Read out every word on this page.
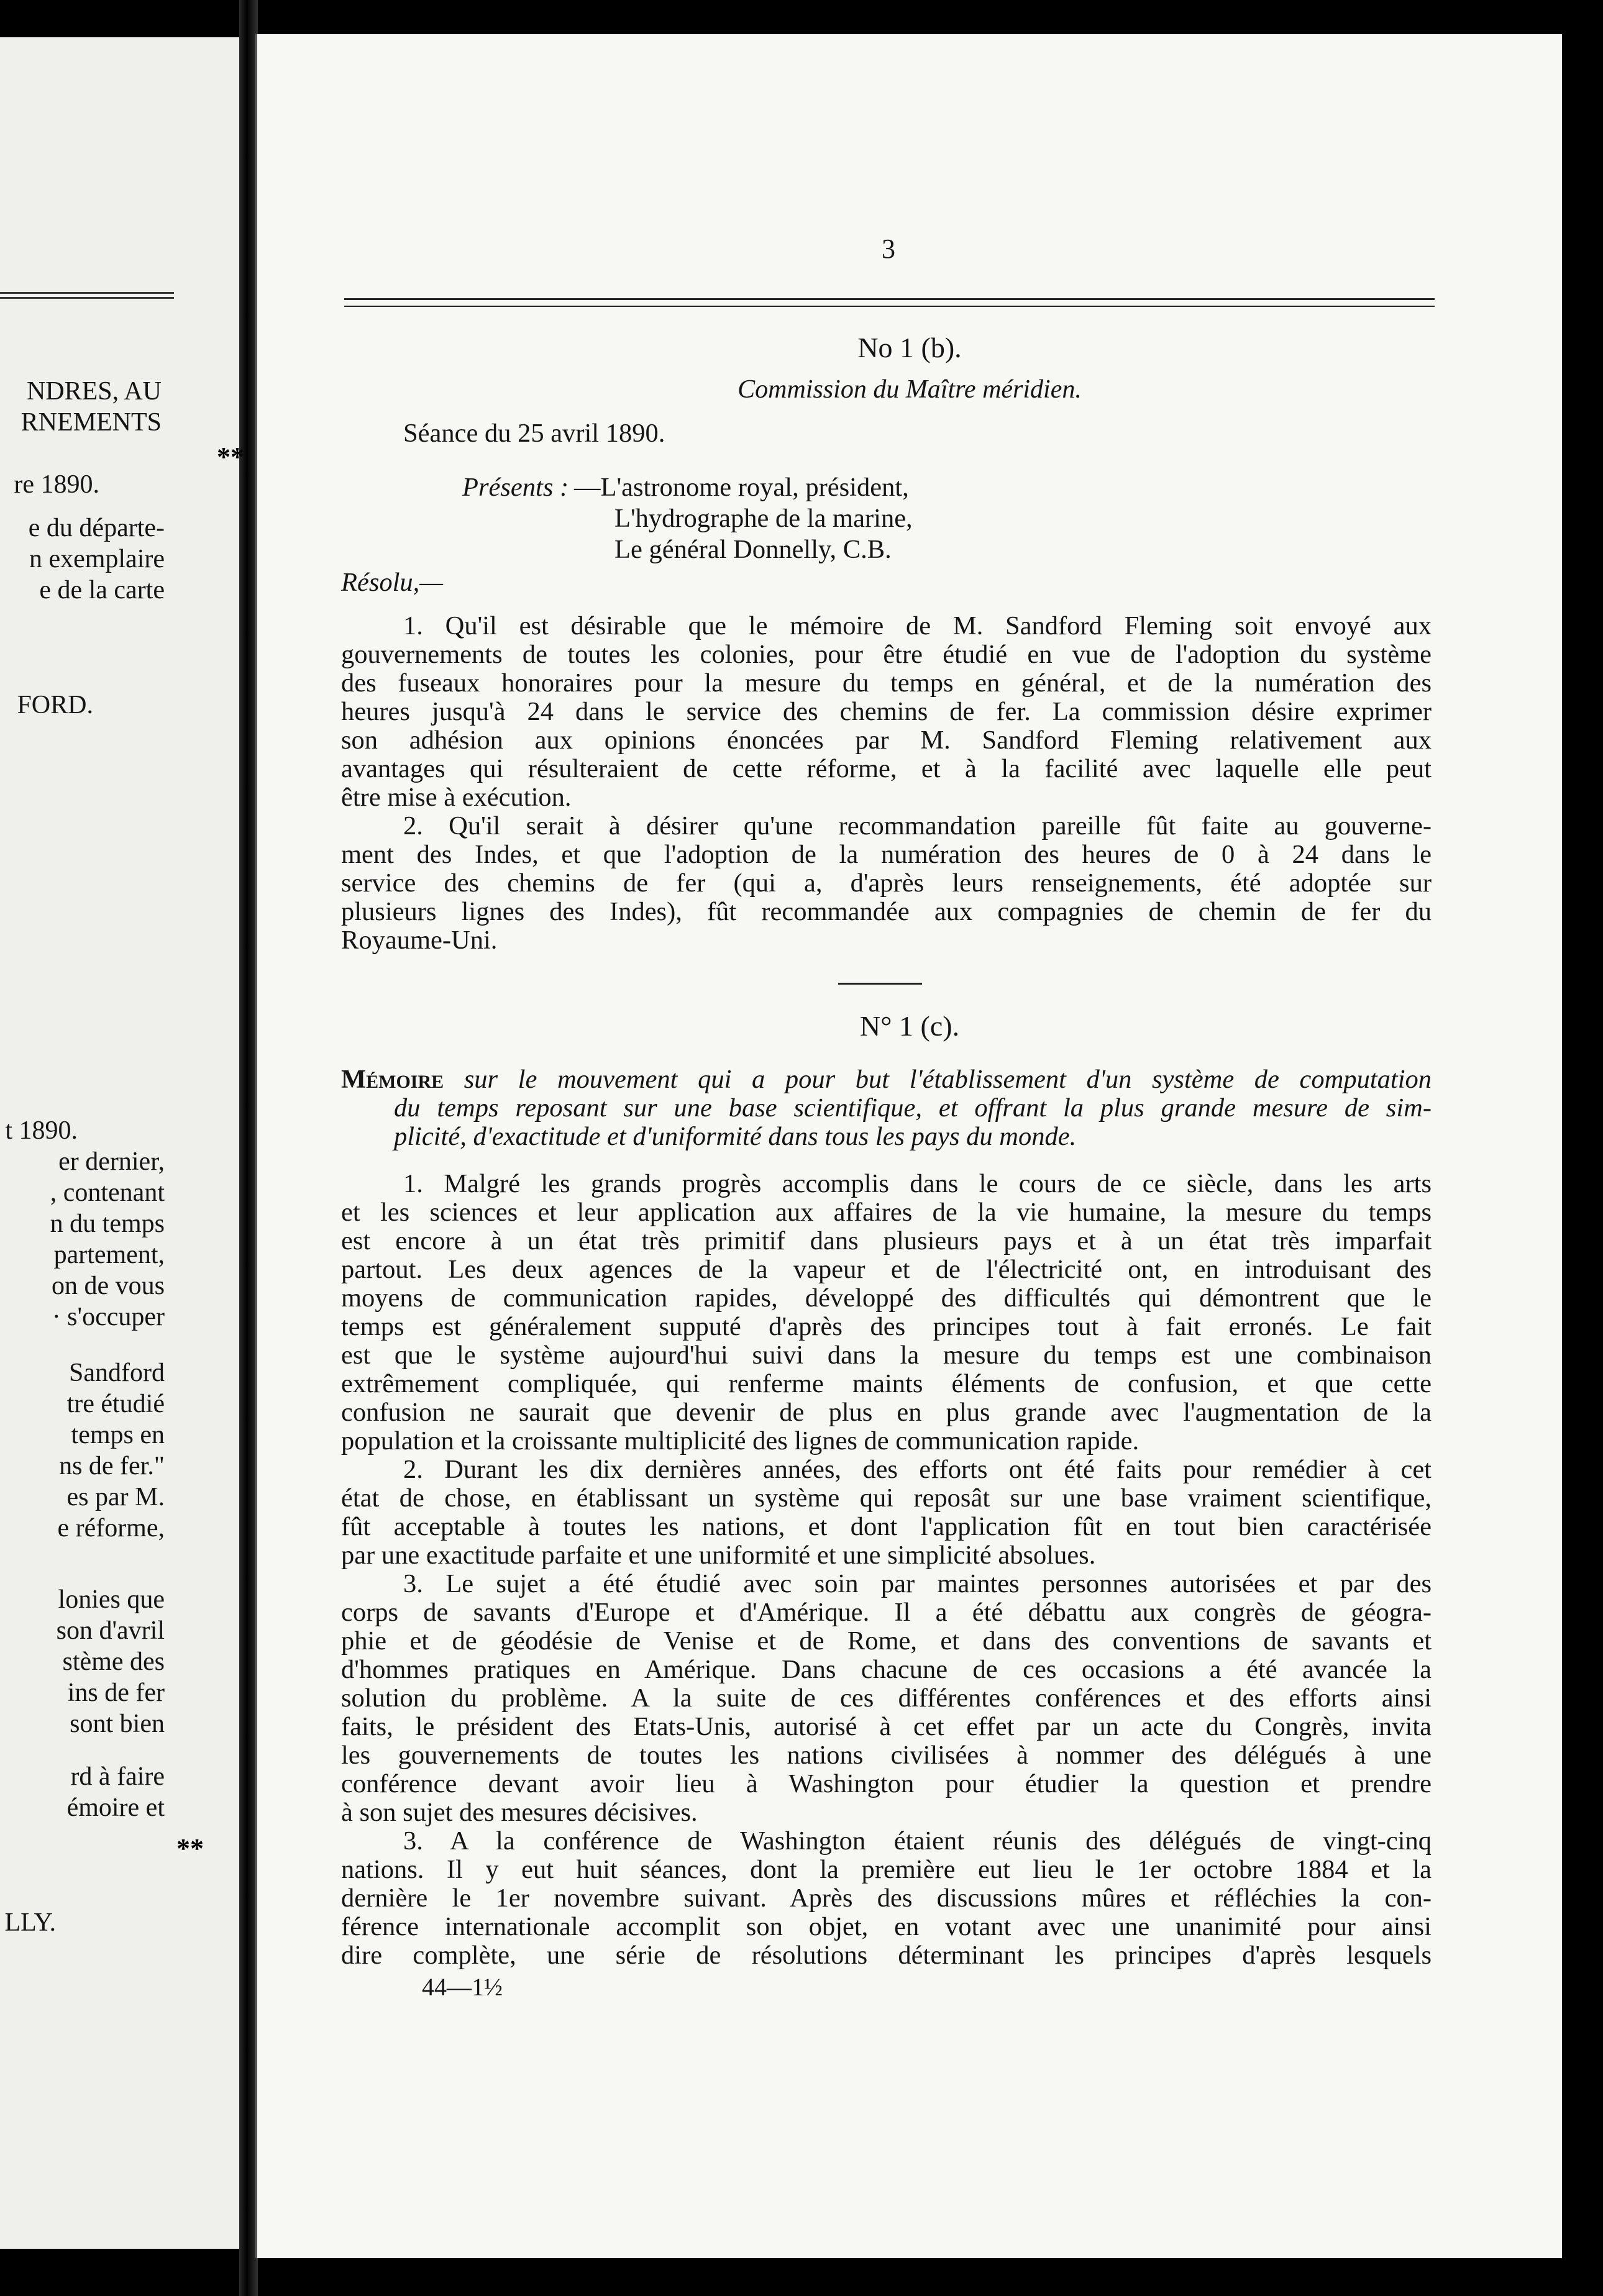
NDRES, AU
RNEMENTS
re 1890.
e du départe-
n exemplaire
e de la carte
FORD.
t 1890.
er dernier,
, contenant
n du temps
partement,
on de vous
· s'occuper
Sandford
tre étudié
temps en
ns de fer."
es par M.
e réforme,
lonies que
son d'avril
stème des
ins de fer
sont bien
rd à faire
émoire et
LLY.
**
**
3
No 1 (b).
Commission du Maître méridien.
Séance du 25 avril 1890.
Présents : —L'astronome royal, président,
L'hydrographe de la marine,
Le général Donnelly, C.B.
Résolu,—
1. Qu'il est désirable que le mémoire de M. Sandford Fleming soit envoyé aux
gouvernements de toutes les colonies, pour être étudié en vue de l'adoption du système
des fuseaux honoraires pour la mesure du temps en général, et de la numération des
heures jusqu'à 24 dans le service des chemins de fer. La commission désire exprimer
son adhésion aux opinions énoncées par M. Sandford Fleming relativement aux
avantages qui résulteraient de cette réforme, et à la facilité avec laquelle elle peut
être mise à exécution.
2. Qu'il serait à désirer qu'une recommandation pareille fût faite au gouverne-
ment des Indes, et que l'adoption de la numération des heures de 0 à 24 dans le
service des chemins de fer (qui a, d'après leurs renseignements, été adoptée sur
plusieurs lignes des Indes), fût recommandée aux compagnies de chemin de fer du
Royaume-Uni.
N° 1 (c).
Mémoire sur le mouvement qui a pour but l'établissement d'un système de computation
du temps reposant sur une base scientifique, et offrant la plus grande mesure de sim-
plicité, d'exactitude et d'uniformité dans tous les pays du monde.
1. Malgré les grands progrès accomplis dans le cours de ce siècle, dans les arts
et les sciences et leur application aux affaires de la vie humaine, la mesure du temps
est encore à un état très primitif dans plusieurs pays et à un état très imparfait
partout. Les deux agences de la vapeur et de l'électricité ont, en introduisant des
moyens de communication rapides, développé des difficultés qui démontrent que le
temps est généralement supputé d'après des principes tout à fait erronés. Le fait
est que le système aujourd'hui suivi dans la mesure du temps est une combinaison
extrêmement compliquée, qui renferme maints éléments de confusion, et que cette
confusion ne saurait que devenir de plus en plus grande avec l'augmentation de la
population et la croissante multiplicité des lignes de communication rapide.
2. Durant les dix dernières années, des efforts ont été faits pour remédier à cet
état de chose, en établissant un système qui reposât sur une base vraiment scientifique,
fût acceptable à toutes les nations, et dont l'application fût en tout bien caractérisée
par une exactitude parfaite et une uniformité et une simplicité absolues.
3. Le sujet a été étudié avec soin par maintes personnes autorisées et par des
corps de savants d'Europe et d'Amérique. Il a été débattu aux congrès de géogra-
phie et de géodésie de Venise et de Rome, et dans des conventions de savants et
d'hommes pratiques en Amérique. Dans chacune de ces occasions a été avancée la
solution du problème. A la suite de ces différentes conférences et des efforts ainsi
faits, le président des Etats-Unis, autorisé à cet effet par un acte du Congrès, invita
les gouvernements de toutes les nations civilisées à nommer des délégués à une
conférence devant avoir lieu à Washington pour étudier la question et prendre
à son sujet des mesures décisives.
3. A la conférence de Washington étaient réunis des délégués de vingt-cinq
nations. Il y eut huit séances, dont la première eut lieu le 1er octobre 1884 et la
dernière le 1er novembre suivant. Après des discussions mûres et réfléchies la con-
férence internationale accomplit son objet, en votant avec une unanimité pour ainsi
dire complète, une série de résolutions déterminant les principes d'après lesquels
44—1½
